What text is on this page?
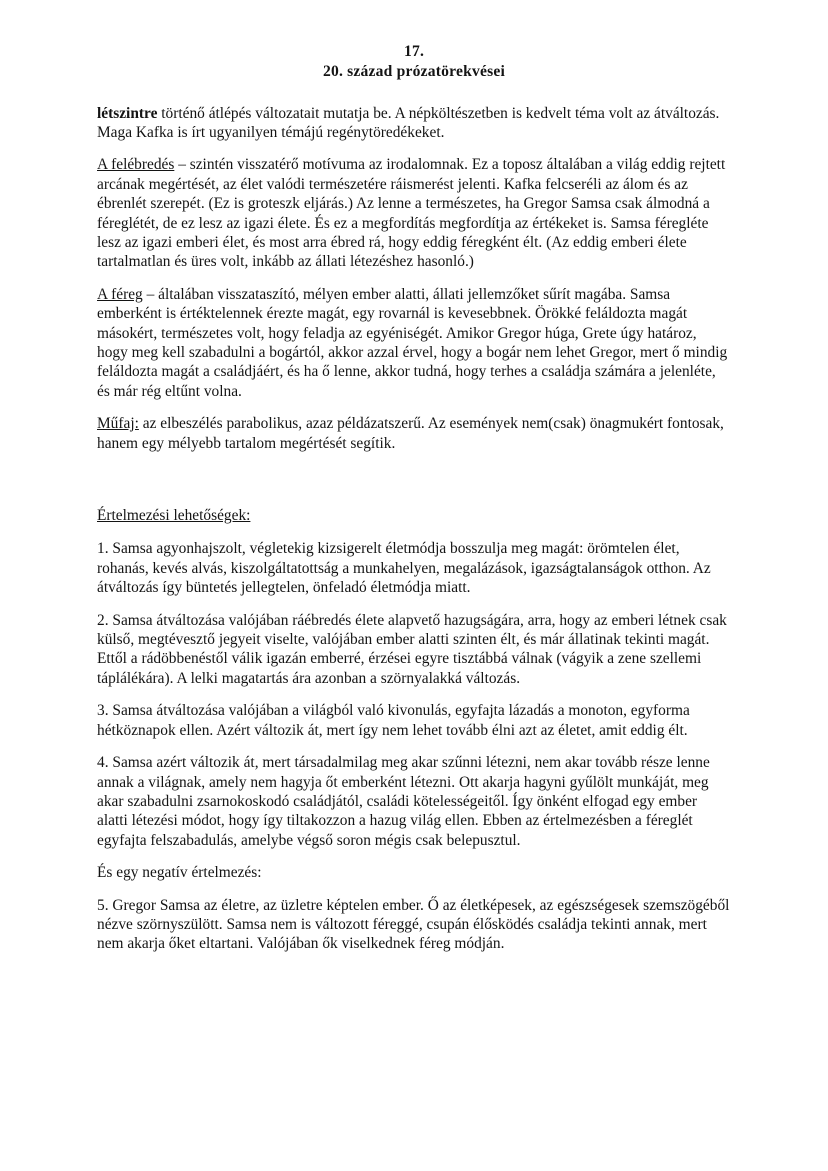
17.
20. század prózatörekvései

létszintre történő átlépés változatait mutatja be. A népköltészetben is kedvelt téma volt az átváltozás. Maga Kafka is írt ugyanilyen témájú regénytöredékeket.

A felébredés – szintén visszatérő motívuma az irodalomnak. Ez a toposz általában a világ eddig rejtett arcának megértését, az élet valódi természetére ráismerést jelenti. Kafka felcseréli az álom és az ébrenlét szerepét. (Ez is groteszk eljárás.) Az lenne a természetes, ha Gregor Samsa csak álmodná a féreglétét, de ez lesz az igazi élete. És ez a megfordítás megfordítja az értékeket is. Samsa féregléte lesz az igazi emberi élet, és most arra ébred rá, hogy eddig féregként élt. (Az eddig emberi élete tartalmatlan és üres volt, inkább az állati létezéshez hasonló.)

A féreg – általában visszataszító, mélyen ember alatti, állati jellemzőket sűrít magába. Samsa emberként is értéktelennek érezte magát, egy rovarnál is kevesebbnek. Örökké feláldozta magát másokért, természetes volt, hogy feladja az egyéniségét. Amikor Gregor húga, Grete úgy határoz, hogy meg kell szabadulni a bogártól, akkor azzal érvel, hogy a bogár nem lehet Gregor, mert ő mindig feláldozta magát a családjáért, és ha ő lenne, akkor tudná, hogy terhes a családja számára a jelenléte, és már rég eltűnt volna.

Műfaj: az elbeszélés parabolikus, azaz példázatszerű. Az események nem(csak) önagmukért fontosak, hanem egy mélyebb tartalom megértését segítik.

Értelmezési lehetőségek:

1. Samsa agyonhajszolt, végletekig kizsigerelt életmódja bosszulja meg magát: örömtelen élet, rohanás, kevés alvás, kiszolgáltatottság a munkahelyen, megalázások, igazságtalanságok otthon. Az átváltozás így büntetés jellegtelen, önfeladó életmódja miatt.

2. Samsa átváltozása valójában ráébredés élete alapvető hazugságára, arra, hogy az emberi létnek csak külső, megtévesztő jegyeit viselte, valójában ember alatti szinten élt, és már állatinak tekinti magát. Ettől a rádöbbenéstől válik igazán emberré, érzései egyre tisztábbá válnak (vágyik a zene szellemi táplálékára). A lelki magatartás ára azonban a szörnyalakká változás.

3. Samsa átváltozása valójában a világból való kivonulás, egyfajta lázadás a monoton, egyforma hétköznapok ellen. Azért változik át, mert így nem lehet tovább élni azt az életet, amit eddig élt.

4. Samsa azért változik át, mert társadalmilag meg akar szűnni létezni, nem akar tovább része lenne annak a világnak, amely nem hagyja őt emberként létezni. Ott akarja hagyni gyűlölt munkáját, meg akar szabadulni zsarnokoskodó családjától, családi kötelességeitől. Így önként elfogad egy ember alatti létezési módot, hogy így tiltakozzon a hazug világ ellen. Ebben az értelmezésben a féreglét egyfajta felszabadulás, amelybe végső soron mégis csak belepusztul.

És egy negatív értelmezés:

5. Gregor Samsa az életre, az üzletre képtelen ember. Ő az életképesek, az egészségesek szemszögéből nézve szörnyszülött. Samsa nem is változott féreggé, csupán élősködés családja tekinti annak, mert nem akarja őket eltartani. Valójában ők viselkednek féreg módján.
